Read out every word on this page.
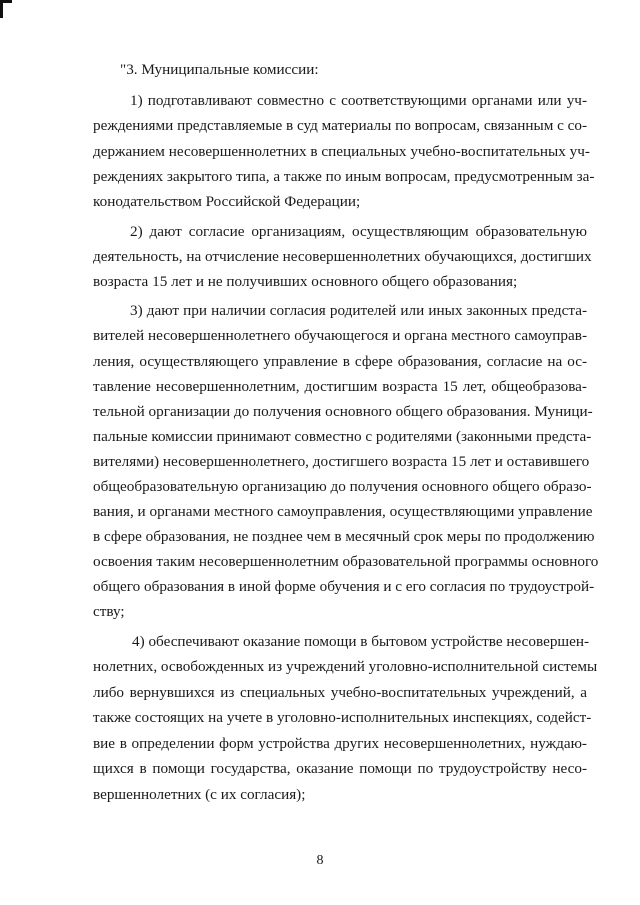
"3. Муниципальные комиссии:

1) подготавливают совместно с соответствующими органами или уч-

реждениями представляемые в суд материалы по вопросам, связанным с со-

держанием несовершеннолетних в специальных учебно-воспитательных уч-

реждениях закрытого типа, а также по иным вопросам, предусмотренным за-

конодательством Российской Федерации;

2) дают согласие организациям, осуществляющим образовательную

деятельность, на отчисление несовершеннолетних обучающихся, достигших

возраста 15 лет и не получивших основного общего образования;

3) дают при наличии согласия родителей или иных законных предста-

вителей несовершеннолетнего обучающегося и органа местного самоуправ-

ления, осуществляющего управление в сфере образования, согласие на ос-

тавление несовершеннолетним, достигшим возраста 15 лет, общеобразова-

тельной организации до получения основного общего образования. Муници-

пальные комиссии принимают совместно с родителями (законными предста-

вителями) несовершеннолетнего, достигшего возраста 15 лет и оставившего

общеобразовательную организацию до получения основного общего образо-

вания, и органами местного самоуправления, осуществляющими управление

в сфере образования, не позднее чем в месячный срок меры по продолжению

освоения таким несовершеннолетним образовательной программы основного

общего образования в иной форме обучения и с его согласия по трудоустрой-

ству;

4) обеспечивают оказание помощи в бытовом устройстве несовершен-

нолетних, освобожденных из учреждений уголовно-исполнительной системы

либо вернувшихся из специальных учебно-воспитательных учреждений, а

также состоящих на учете в уголовно-исполнительных инспекциях, содейст-

вие в определении форм устройства других несовершеннолетних, нуждаю-

щихся в помощи государства, оказание помощи по трудоустройству несо-

вершеннолетних (с их согласия);

8
